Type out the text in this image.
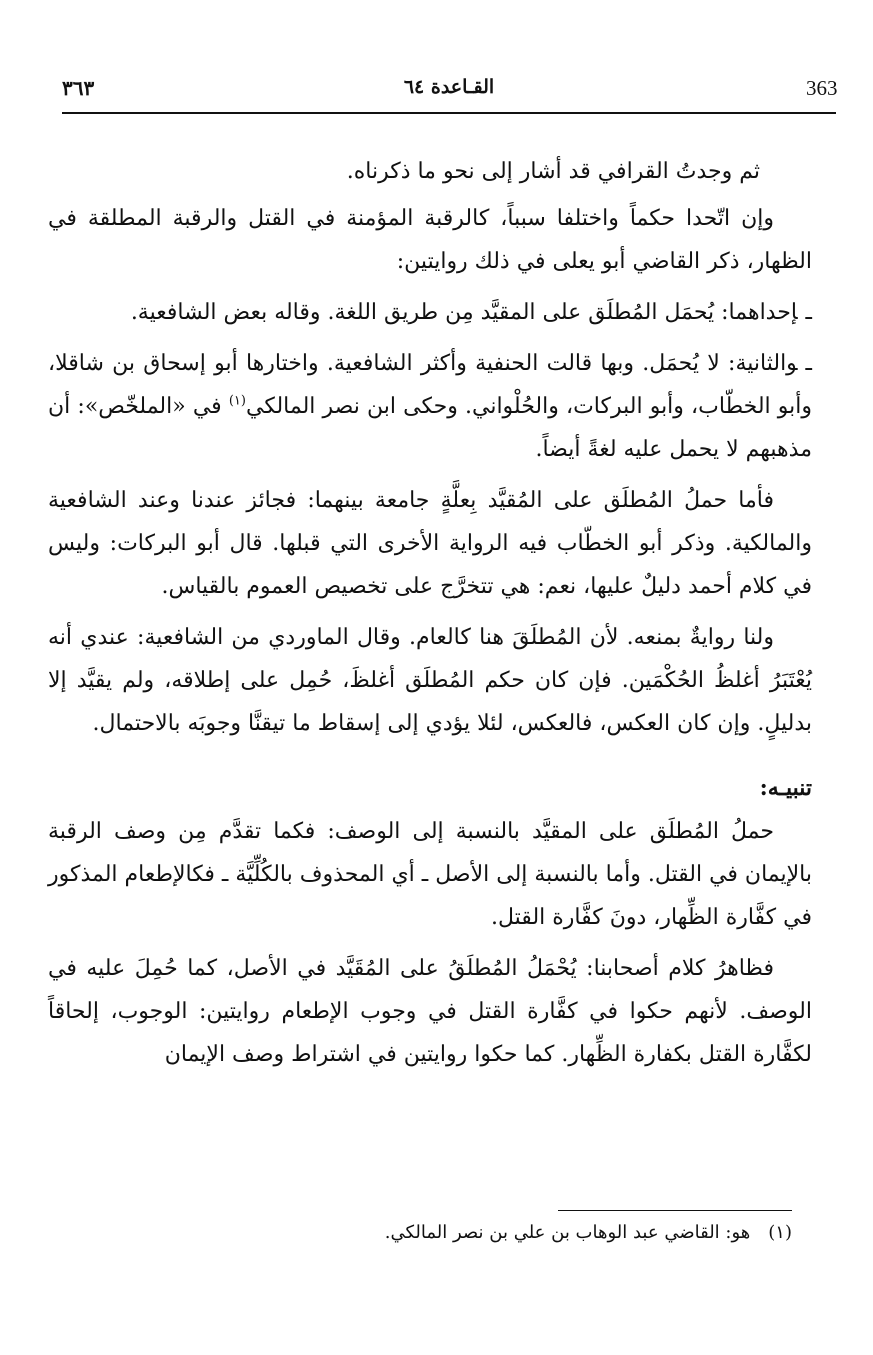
363
القـاعدة ٦٤
٣٦٣

ثم وجدتُ القرافي قد أشار إلى نحو ما ذكرناه.

وإن اتّحدا حكماً واختلفا سبباً، كالرقبة المؤمنة في القتل والرقبة المطلقة في الظهار، ذكر القاضي أبو يعلى في ذلك روايتين:

ـإحداهما: يُحمَل المُطلَق على المقيَّد مِن طريق اللغة. وقاله بعض الشافعية.

ـوالثانية: لا يُحمَل. وبها قالت الحنفية وأكثر الشافعية. واختارها أبو إسحاق بن شاقلا، وأبو الخطّاب، وأبو البركات، والحُلْواني. وحكى ابن نصر المالكي$^{(١)}$ في «الملخّص»: أن مذهبهم لا يحمل عليه لغةً أيضاً.

فأما حملُ المُطلَق على المُقيَّد بِعلَّةٍ جامعة بينهما: فجائز عندنا وعند الشافعية والمالكية. وذكر أبو الخطّاب فيه الرواية الأخرى التي قبلها. قال أبو البركات: وليس في كلام أحمد دليلٌ عليها، نعم: هي تتخرَّج على تخصيص العموم بالقياس.

ولنا روايةٌ بمنعه. لأن المُطلَقَ هنا كالعام. وقال الماوردي من الشافعية: عندي أنه يُعْتَبَرُ أغلظُ الحُكْمَين. فإن كان حكم المُطلَق أغلظَ، حُمِل على إطلاقه، ولم يقيَّد إلا بدليلٍ. وإن كان العكس، فالعكس، لئلا يؤدي إلى إسقاط ما تيقنَّا وجوبَه بالاحتمال.

تنبيـه:

حملُ المُطلَق على المقيَّد بالنسبة إلى الوصف: فكما تقدَّم مِن وصف الرقبة بالإيمان في القتل. وأما بالنسبة إلى الأصل ـ أي المحذوف بالكُلِّيَّة ـ فكالإطعام المذكور في كفَّارة الظِّهار، دونَ كفَّارة القتل.

فظاهرُ كلام أصحابنا: يُحْمَلُ المُطلَقُ على المُقَيَّد في الأصل، كما حُمِلَ عليه في الوصف. لأنهم حكوا في كفَّارة القتل في وجوب الإطعام روايتين: الوجوب، إلحاقاً لكفَّارة القتل بكفارة الظِّهار. كما حكوا روايتين في اشتراط وصف الإيمان

(١)هو: القاضي عبد الوهاب بن علي بن نصر المالكي.
